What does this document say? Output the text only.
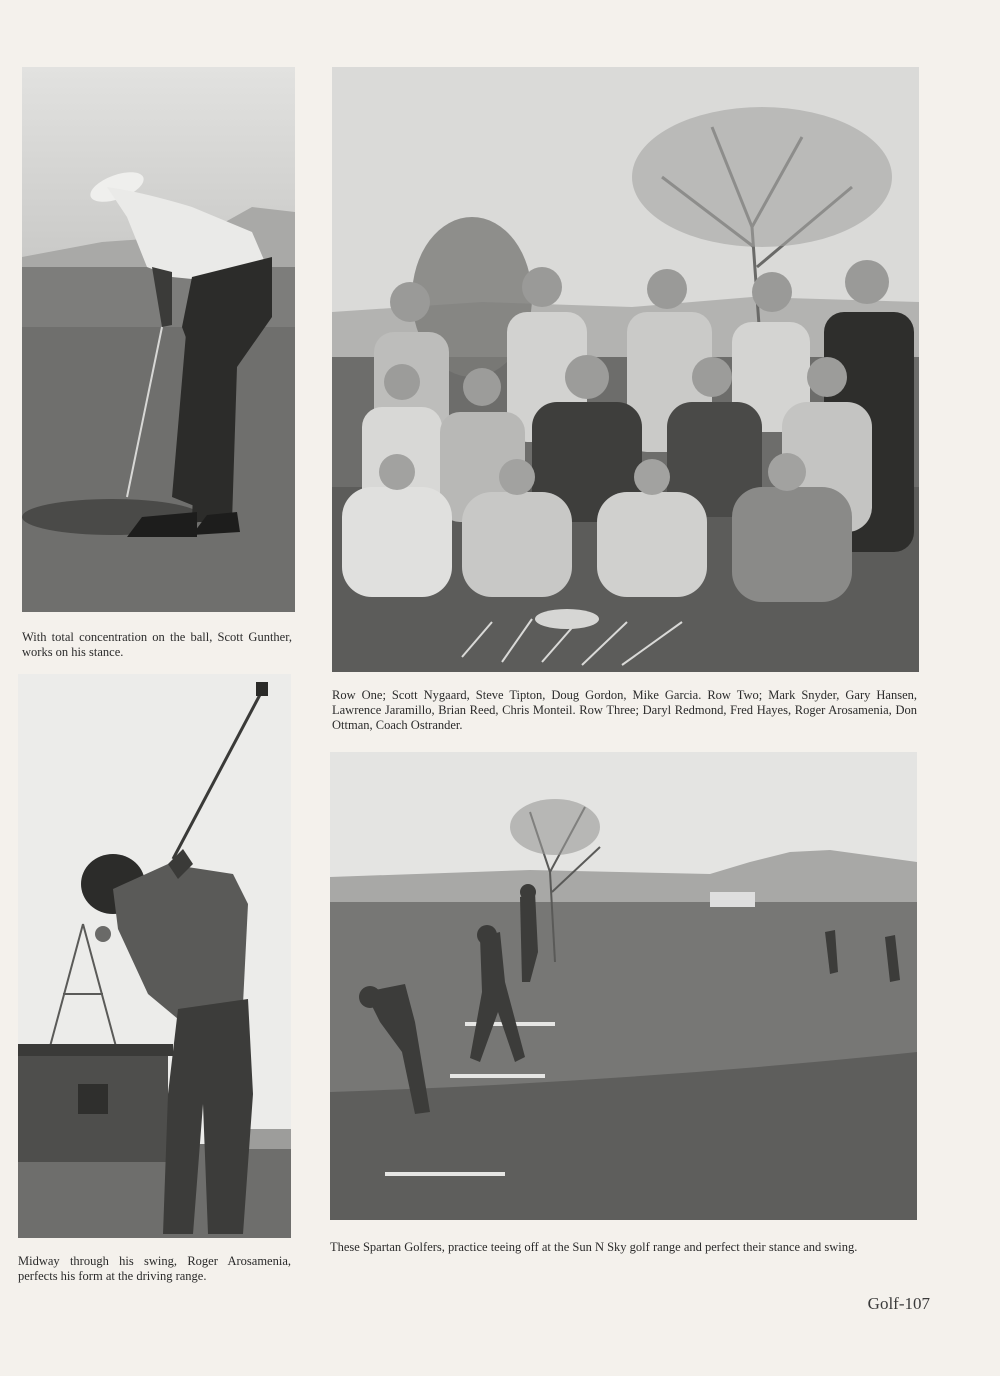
With total concentration on the ball, Scott Gunther, works on his stance.
Row One; Scott Nygaard, Steve Tipton, Doug Gordon, Mike Garcia. Row Two; Mark Snyder, Gary Hansen, Lawrence Jaramillo, Brian Reed, Chris Monteil. Row Three; Daryl Redmond, Fred Hayes, Roger Arosamenia, Don Ottman, Coach Ostrander.
Midway through his swing, Roger Arosamenia, perfects his form at the driving range.
These Spartan Golfers, practice teeing off at the Sun N Sky golf range and perfect their stance and swing.
Golf-107
